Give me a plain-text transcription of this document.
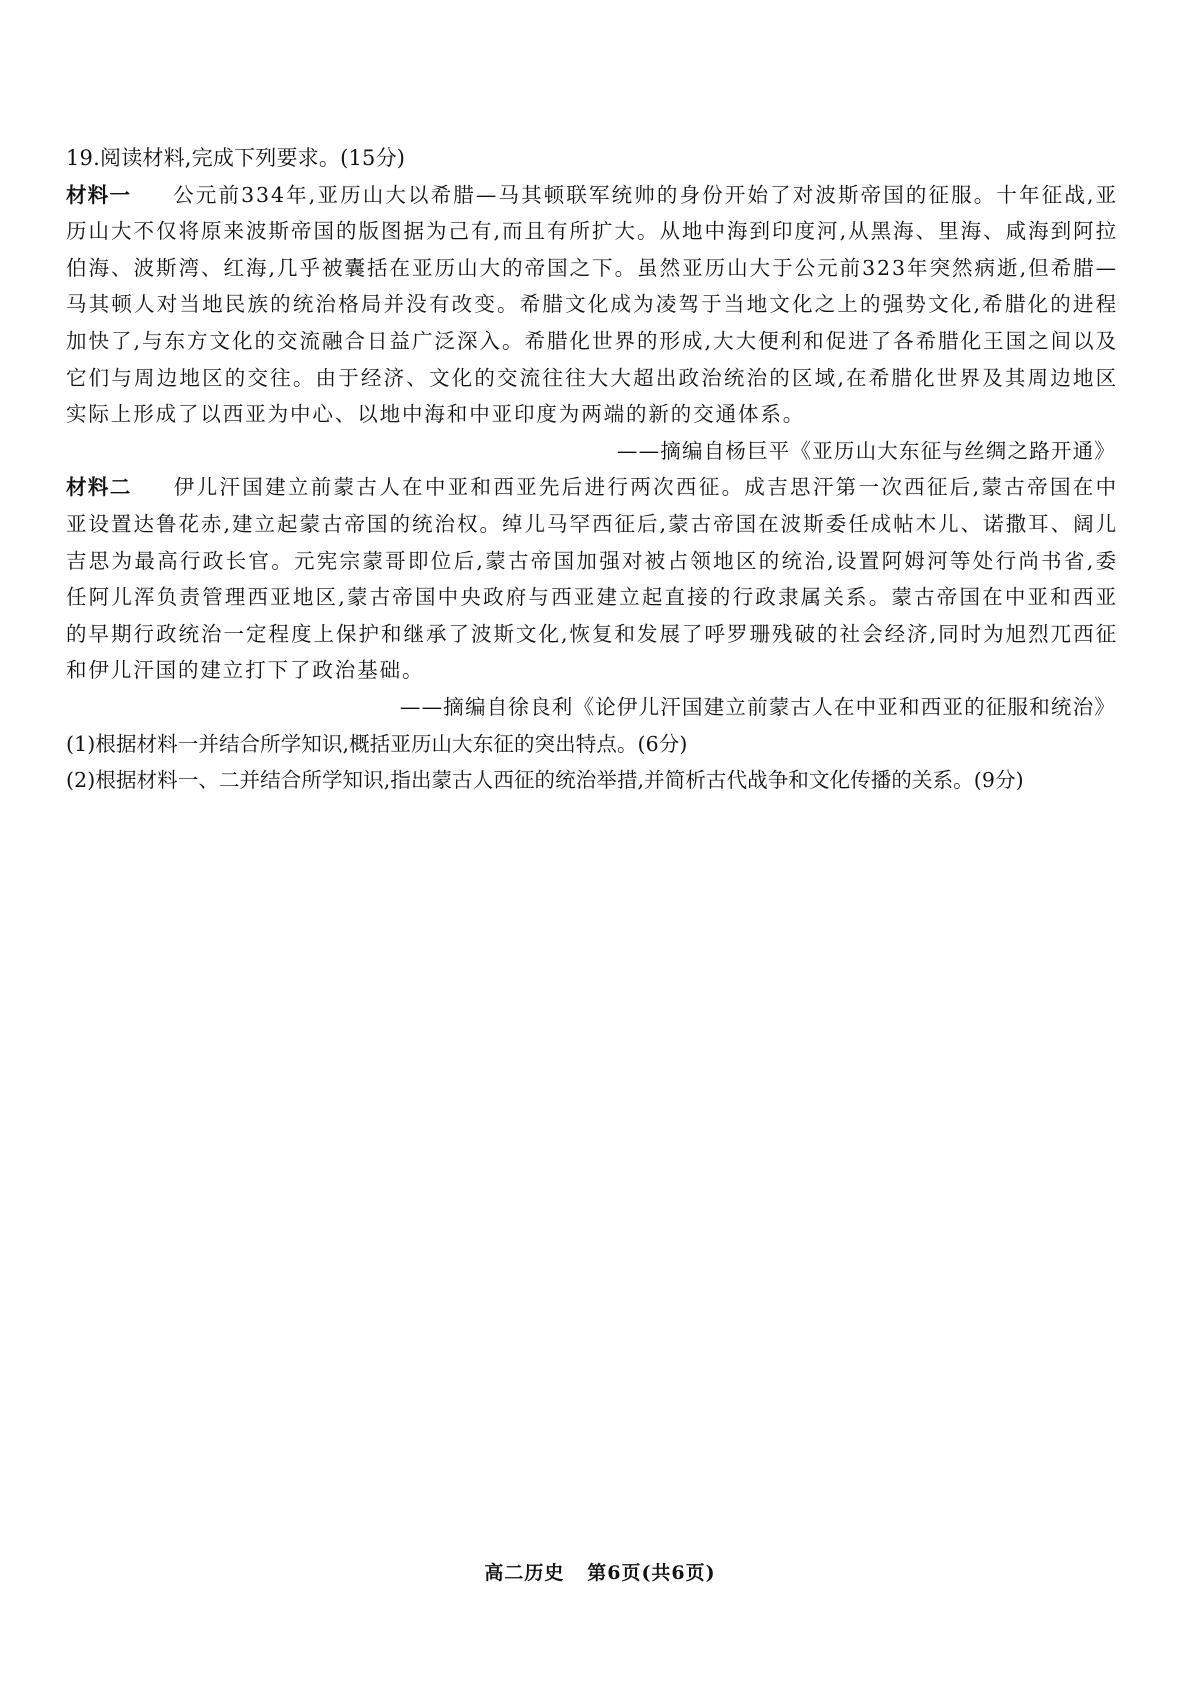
19.阅读材料,完成下列要求。(15分)

材料一 公元前334年,亚历山大以希腊—马其顿联军统帅的身份开始了对波斯帝国的征服。十年征战,亚历山大不仅将原来波斯帝国的版图据为己有,而且有所扩大。从地中海到印度河,从黑海、里海、咸海到阿拉伯海、波斯湾、红海,几乎被囊括在亚历山大的帝国之下。虽然亚历山大于公元前323年突然病逝,但希腊—马其顿人对当地民族的统治格局并没有改变。希腊文化成为凌驾于当地文化之上的强势文化,希腊化的进程加快了,与东方文化的交流融合日益广泛深入。希腊化世界的形成,大大便利和促进了各希腊化王国之间以及它们与周边地区的交往。由于经济、文化的交流往往大大超出政治统治的区域,在希腊化世界及其周边地区实际上形成了以西亚为中心、以地中海和中亚印度为两端的新的交通体系。

——摘编自杨巨平《亚历山大东征与丝绸之路开通》

材料二 伊儿汗国建立前蒙古人在中亚和西亚先后进行两次西征。成吉思汗第一次西征后,蒙古帝国在中亚设置达鲁花赤,建立起蒙古帝国的统治权。绰儿马罕西征后,蒙古帝国在波斯委任成帖木儿、诺撒耳、阔儿吉思为最高行政长官。元宪宗蒙哥即位后,蒙古帝国加强对被占领地区的统治,设置阿姆河等处行尚书省,委任阿儿浑负责管理西亚地区,蒙古帝国中央政府与西亚建立起直接的行政隶属关系。蒙古帝国在中亚和西亚的早期行政统治一定程度上保护和继承了波斯文化,恢复和发展了呼罗珊残破的社会经济,同时为旭烈兀西征和伊儿汗国的建立打下了政治基础。

——摘编自徐良利《论伊儿汗国建立前蒙古人在中亚和西亚的征服和统治》

(1)根据材料一并结合所学知识,概括亚历山大东征的突出特点。(6分)

(2)根据材料一、二并结合所学知识,指出蒙古人西征的统治举措,并简析古代战争和文化传播的关系。(9分)

高二历史 第6页(共6页)
